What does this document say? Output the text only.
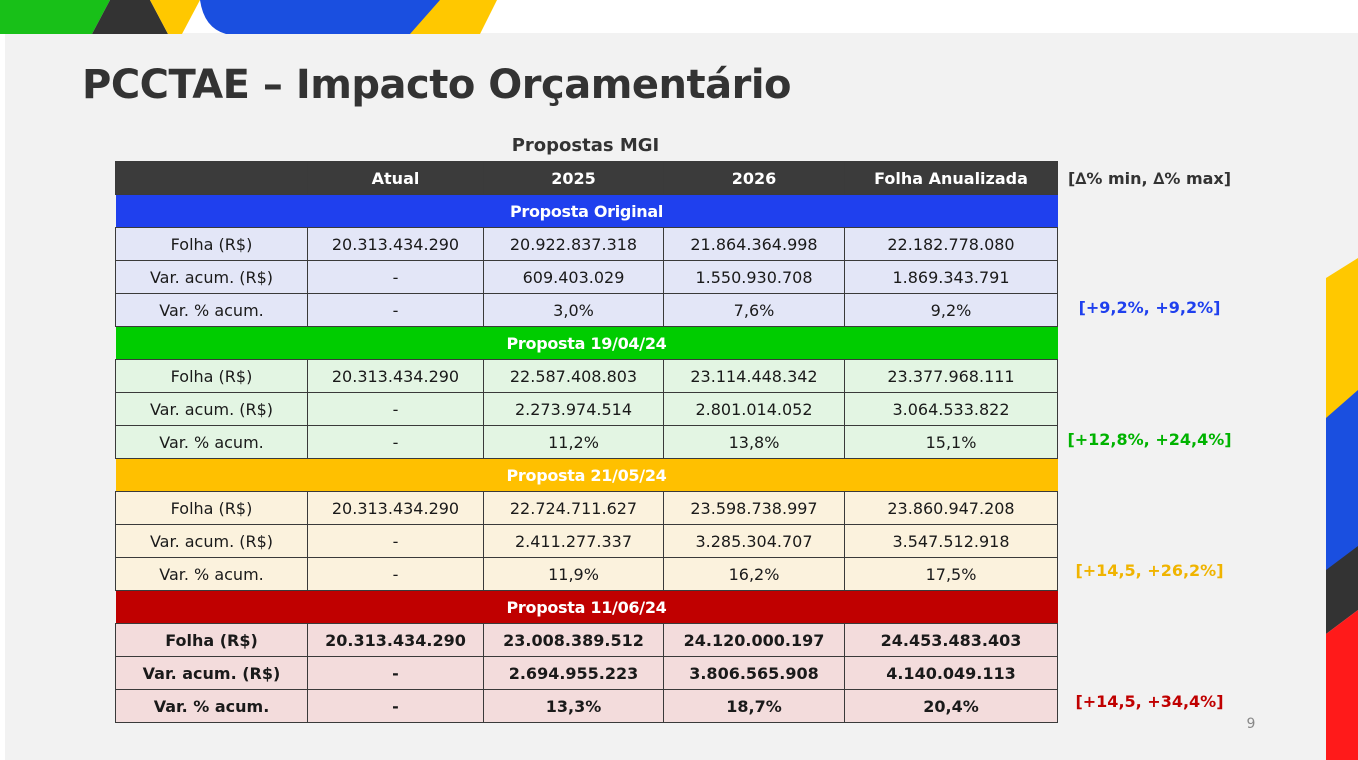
PCCTAE – Impacto Orçamentário
Propostas MGI
	Atual	2025	2026	Folha Anualizada
Proposta Original				
Folha (R$)	20.313.434.290	20.922.837.318	21.864.364.998	22.182.778.080
Var. acum. (R$)	-	609.403.029	1.550.930.708	1.869.343.791
Var. % acum.	-	3,0%	7,6%	9,2%
Proposta 19/04/24				
Folha (R$)	20.313.434.290	22.587.408.803	23.114.448.342	23.377.968.111
Var. acum. (R$)	-	2.273.974.514	2.801.014.052	3.064.533.822
Var. % acum.	-	11,2%	13,8%	15,1%
Proposta 21/05/24				
Folha (R$)	20.313.434.290	22.724.711.627	23.598.738.997	23.860.947.208
Var. acum. (R$)	-	2.411.277.337	3.285.304.707	3.547.512.918
Var. % acum.	-	11,9%	16,2%	17,5%
Proposta 11/06/24				
Folha (R$)	20.313.434.290	23.008.389.512	24.120.000.197	24.453.483.403
Var. acum. (R$)	-	2.694.955.223	3.806.565.908	4.140.049.113
Var. % acum.	-	13,3%	18,7%	20,4%
[∆% min, ∆% max]
[+9,2%, +9,2%]
[+12,8%, +24,4%]
[+14,5, +26,2%]
[+14,5, +34,4%]
9
